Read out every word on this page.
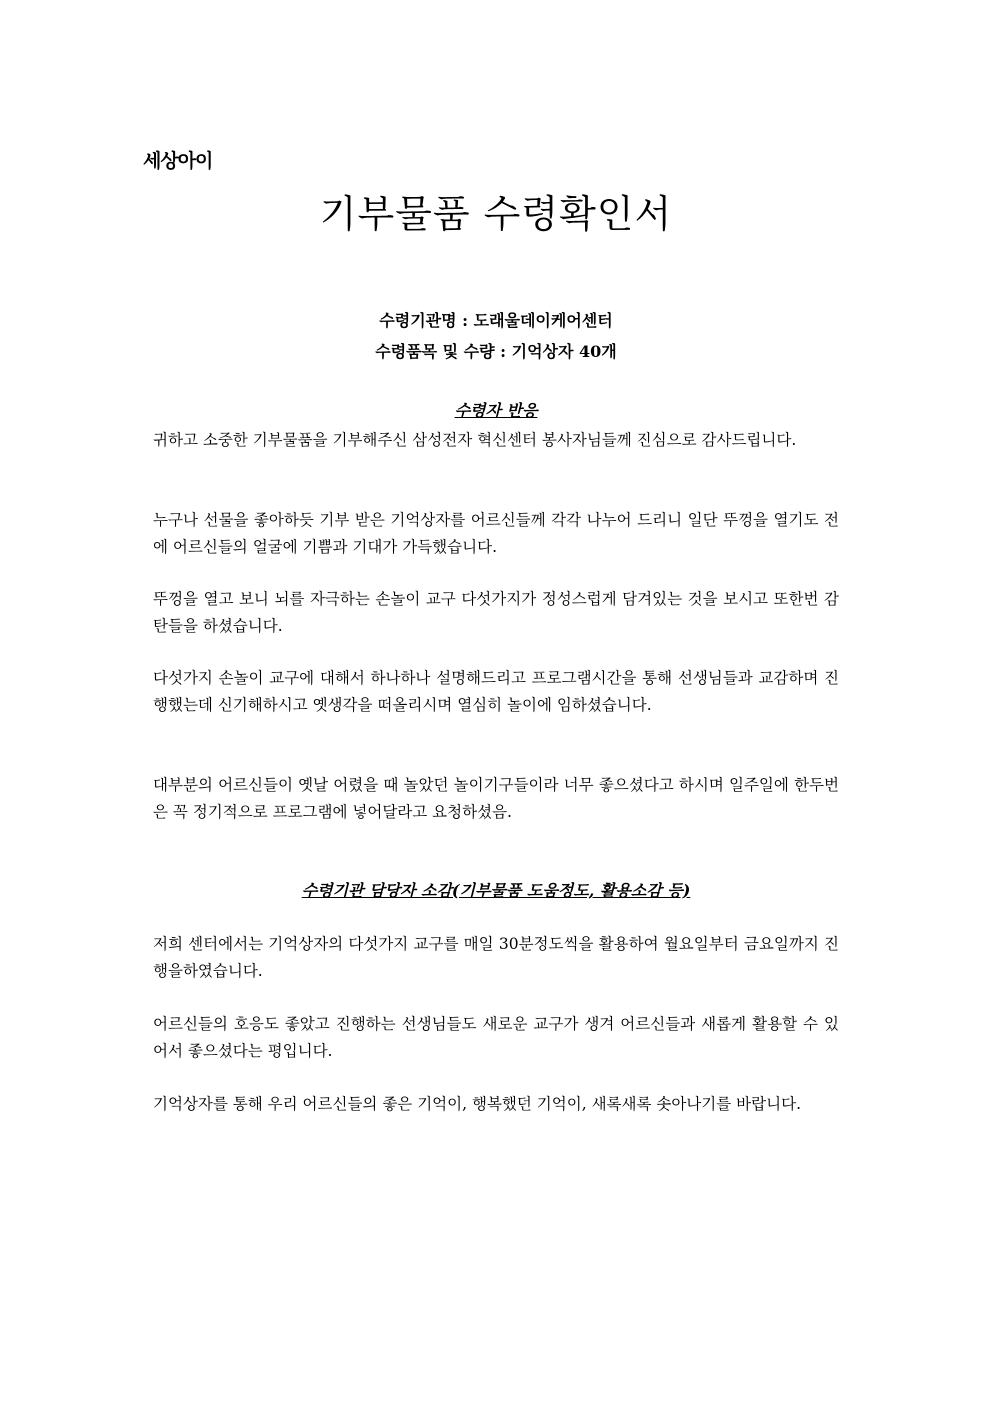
세상아이
기부물품 수령확인서
수령기관명 : 도래울데이케어센터
수령품목 및 수량 : 기억상자 40개
수령자 반응

귀하고 소중한 기부물품을 기부해주신 삼성전자 혁신센터 봉사자님들께 진심으로 감사드립니다.

누구나 선물을 좋아하듯 기부 받은 기억상자를 어르신들께 각각 나누어 드리니 일단 뚜껑을 열기도 전에 어르신들의 얼굴에 기쁨과 기대가 가득했습니다.

뚜껑을 열고 보니 뇌를 자극하는 손놀이 교구 다섯가지가 정성스럽게 담겨있는 것을 보시고 또한번 감탄들을 하셨습니다.

다섯가지 손놀이 교구에 대해서 하나하나 설명해드리고 프로그램시간을 통해 선생님들과 교감하며 진행했는데 신기해하시고 옛생각을 떠올리시며 열심히 놀이에 임하셨습니다.

대부분의 어르신들이 옛날 어렸을 때 놀았던 놀이기구들이라 너무 좋으셨다고 하시며 일주일에 한두번은 꼭 정기적으로 프로그램에 넣어달라고 요청하셨음.

수령기관 담당자 소감(기부물품 도움정도, 활용소감 등)

저희 센터에서는 기억상자의 다섯가지 교구를 매일 30분정도씩을 활용하여 월요일부터 금요일까지 진행을하였습니다.

어르신들의 호응도 좋았고 진행하는 선생님들도 새로운 교구가 생겨 어르신들과 새롭게 활용할 수 있어서 좋으셨다는 평입니다.

기억상자를 통해 우리 어르신들의 좋은 기억이, 행복했던 기억이, 새록새록 솟아나기를 바랍니다.
